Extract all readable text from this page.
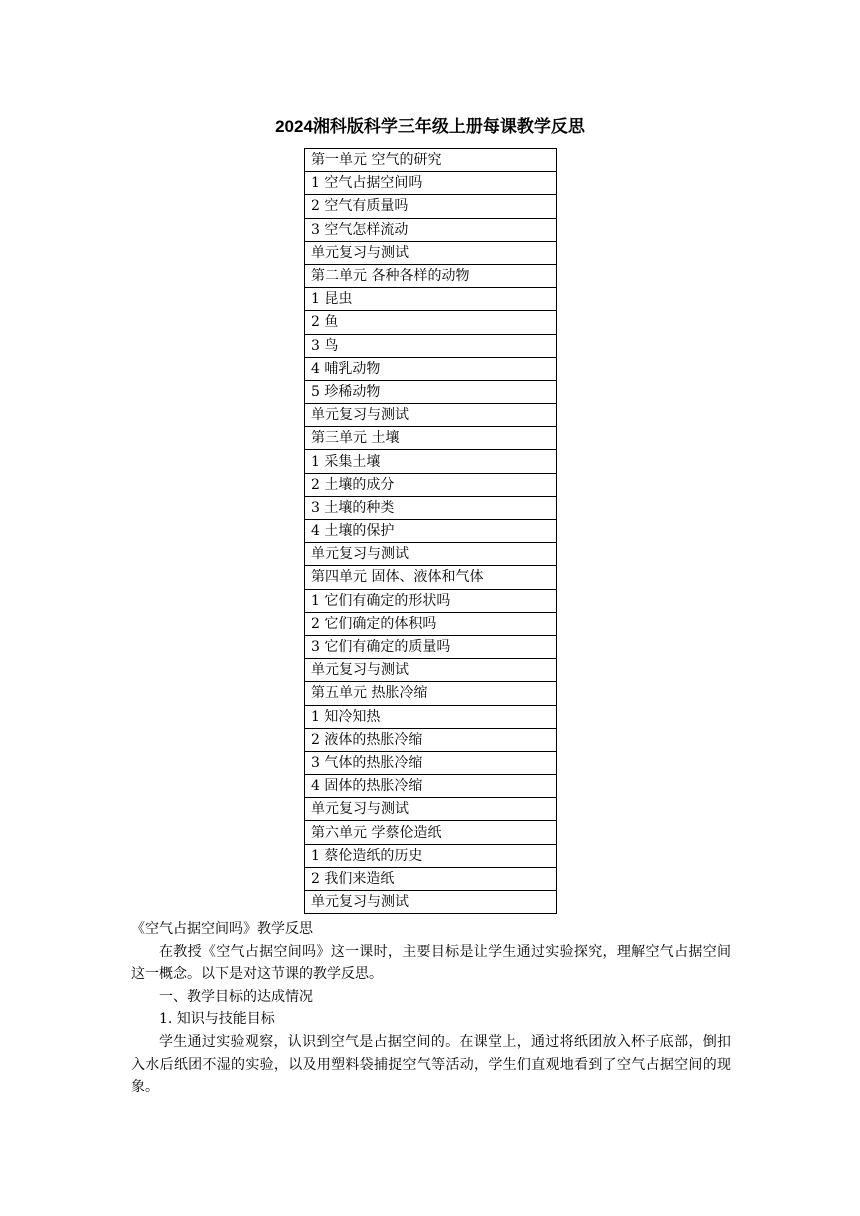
2024湘科版科学三年级上册每课教学反思
第一单元 空气的研究
1 空气占据空间吗
2 空气有质量吗
3 空气怎样流动
单元复习与测试
第二单元 各种各样的动物
1 昆虫
2 鱼
3 鸟
4 哺乳动物
5 珍稀动物
单元复习与测试
第三单元 土壤
1 采集土壤
2 土壤的成分
3 土壤的种类
4 土壤的保护
单元复习与测试
第四单元 固体、液体和气体
1 它们有确定的形状吗
2 它们确定的体积吗
3 它们有确定的质量吗
单元复习与测试
第五单元 热胀冷缩
1 知冷知热
2 液体的热胀冷缩
3 气体的热胀冷缩
4 固体的热胀冷缩
单元复习与测试
第六单元 学蔡伦造纸
1 蔡伦造纸的历史
2 我们来造纸
单元复习与测试

《空气占据空间吗》教学反思

在教授《空气占据空间吗》这一课时，主要目标是让学生通过实验探究，理解空气占据空间这一概念。以下是对这节课的教学反思。

一、教学目标的达成情况

1. 知识与技能目标

学生通过实验观察，认识到空气是占据空间的。在课堂上，通过将纸团放入杯子底部，倒扣入水后纸团不湿的实验，以及用塑料袋捕捉空气等活动，学生们直观地看到了空气占据空间的现象。
